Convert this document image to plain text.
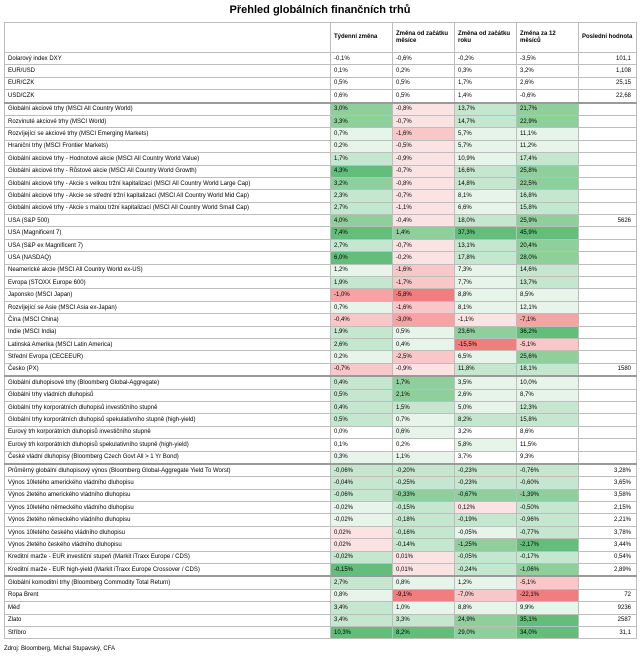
Přehled globálních finančních trhů
	Týdenní změna	Změna od začátku měsíce	Změna od začátku roku	Změna za 12 měsíců	Poslední hodnota
Dolarový index DXY	-0,1%	-0,6%	-0,2%	-3,5%	101,1
EUR/USD	0,1%	0,2%	0,3%	3,2%	1,108
EUR/CZK	0,5%	0,5%	1,7%	2,6%	25,15
USD/CZK	0,6%	0,5%	1,4%	-0,6%	22,68
Globální akciové trhy (MSCI All Country World)	3,0%	-0,8%	13,7%	21,7%	
Rozvinuté akciové trhy (MSCI World)	3,3%	-0,7%	14,7%	22,9%	
Rozvíjející se akciové trhy (MSCI Emerging Markets)	0,7%	-1,6%	5,7%	11,1%	
Hraniční trhy (MSCI Frontier Markets)	0,2%	-0,5%	5,7%	11,2%	
Globální akciové trhy - Hodnotové akcie (MSCI All Country World Value)	1,7%	-0,9%	10,9%	17,4%	
Globální akciové trhy - Růstové akcie (MSCI All Country World Growth)	4,3%	-0,7%	16,6%	25,8%	
Globální akciové trhy - Akcie s velkou tržní kapitalizací (MSCI All Country World Large Cap)	3,2%	-0,8%	14,8%	22,5%	
Globální akciové trhy - Akcie se střední tržní kapitalizací (MSCI All Country World Mid Cap)	2,3%	-0,7%	8,1%	16,8%	
Globální akciové trhy - Akcie s malou tržní kapitalizací (MSCI All Country World Small Cap)	2,7%	-1,1%	6,6%	15,8%	
USA (S&P 500)	4,0%	-0,4%	18,0%	25,9%	5626
USA (Magnificent 7)	7,4%	1,4%	37,3%	45,9%	
USA (S&P ex Magnificent 7)	2,7%	-0,7%	13,1%	20,4%	
USA (NASDAQ)	6,0%	-0,2%	17,8%	28,0%	
Neamerické akcie (MSCI All Country World ex-US)	1,2%	-1,6%	7,3%	14,6%	
Evropa (STOXX Europe 600)	1,9%	-1,7%	7,7%	13,7%	
Japonsko (MSCI Japan)	-1,0%	-5,8%	8,8%	8,5%	
Rozvíjející se Asie (MSCI Asia ex-Japan)	0,7%	-1,6%	8,1%	12,1%	
Čína (MSCI China)	-0,4%	-3,0%	-1,1%	-7,1%	
Indie (MSCI India)	1,9%	0,5%	23,6%	36,2%	
Latinská Amerika (MSCI Latin America)	2,6%	0,4%	-15,5%	-5,1%	
Střední Evropa (CECEEUR)	0,2%	-2,5%	6,5%	25,6%	
Česko (PX)	-0,7%	-0,9%	11,8%	18,1%	1580
Globální dluhopisové trhy (Bloomberg Global-Aggregate)	0,4%	1,7%	3,5%	10,0%	
Globální trhy vládních dluhopisů	0,5%	2,1%	2,6%	8,7%	
Globální trhy korporátních dluhopisů investičního stupně	0,4%	1,5%	5,0%	12,3%	
Globální trhy korporátních dluhopisů spekulativního stupně (high-yield)	0,5%	0,7%	8,2%	15,8%	
Eurový trh korporátních dluhopisů investičního stupně	0,0%	0,6%	3,2%	8,6%	
Eurový trh korporátních dluhopisů spekulativního stupně (high-yield)	0,1%	0,2%	5,8%	11,5%	
České vládní dluhopisy (Bloomberg Czech Govt All > 1 Yr Bond)	0,3%	1,1%	3,7%	9,3%	
Průměrný globální dluhopisový výnos (Bloomberg Global-Aggregate Yield To Worst)	-0,06%	-0,20%	-0,23%	-0,76%	3,28%
Výnos 10letého amerického vládního dluhopisu	-0,04%	-0,25%	-0,23%	-0,60%	3,65%
Výnos 2letého amerického vládního dluhopisu	-0,06%	-0,33%	-0,67%	-1,39%	3,58%
Výnos 10letého německého vládního dluhopisu	-0,02%	-0,15%	0,12%	-0,50%	2,15%
Výnos 2letého německého vládního dluhopisu	-0,02%	-0,18%	-0,19%	-0,96%	2,21%
Výnos 10letého českého vládního dluhopisu	0,02%	-0,16%	-0,05%	-0,77%	3,78%
Výnos 2letého českého vládního dluhopisu	0,02%	-0,14%	-1,25%	-2,17%	3,44%
Kreditní marže - EUR investiční stupeň (Markit iTraxx Europe / CDS)	-0,02%	0,01%	-0,05%	-0,17%	0,54%
Kreditní marže - EUR high-yield (Markit iTraxx Europe Crossover / CDS)	-0,15%	0,01%	-0,24%	-1,06%	2,89%
Globální komoditní trhy (Bloomberg Commodity Total Return)	2,7%	0,8%	1,2%	-5,1%	
Ropa Brent	0,8%	-9,1%	-7,0%	-22,1%	72
Měď	3,4%	1,0%	8,8%	9,9%	9236
Zlato	3,4%	3,3%	24,9%	35,1%	2587
Stříbro	10,3%	8,2%	29,0%	34,0%	31,1
Zdroj: Bloomberg, Michal Stupavský, CFA
